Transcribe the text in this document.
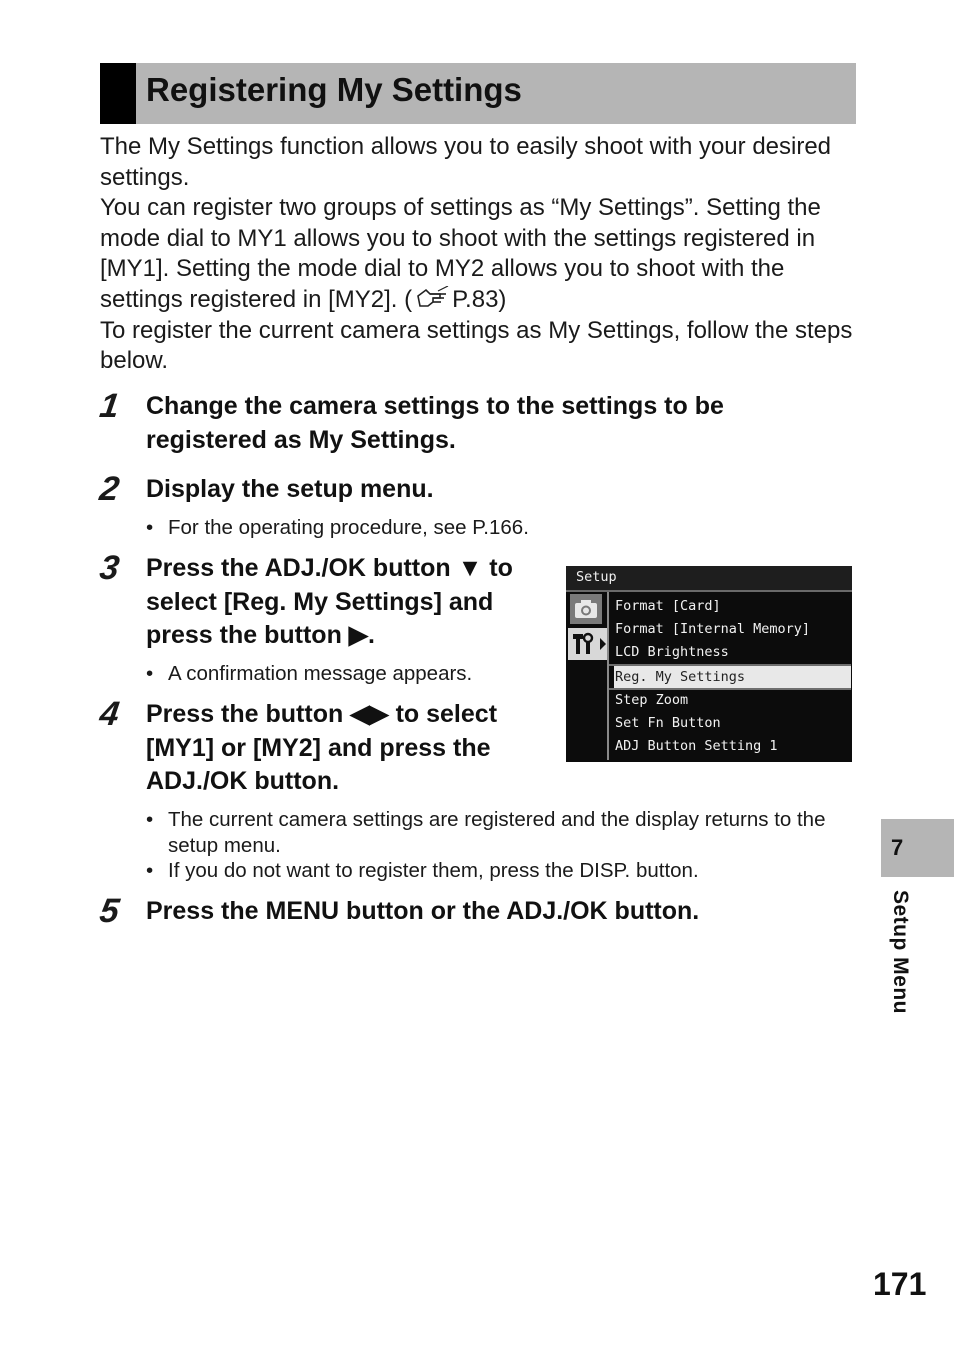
Registering My Settings

The My Settings function allows you to easily shoot with your desired settings.

You can register two groups of settings as “My Settings”. Setting the mode dial to MY1 allows you to shoot with the settings registered in [MY1]. Setting the mode dial to MY2 allows you to shoot with the settings registered in [MY2]. ( P.83)

To register the current camera settings as My Settings, follow the steps below.

1 Change the camera settings to the settings to be
registered as My Settings.
2 Display the setup menu.
• For the operating procedure, see P.166.
3 Press the ADJ./OK button ▼ to
select [Reg. My Settings] and
press the button ▶.
• A confirmation message appears.
4 Press the button ◀▶ to select
[MY1] or [MY2] and press the
ADJ./OK button.
• The current camera settings are registered and the display returns to the setup menu.
• If you do not want to register them, press the DISP. button.
5 Press the MENU button or the ADJ./OK button.
Setup
Format [Card]
Format [Internal Memory]
LCD Brightness
Reg. My Settings
Step Zoom
Set Fn Button
ADJ Button Setting 1
7
Setup Menu
171
